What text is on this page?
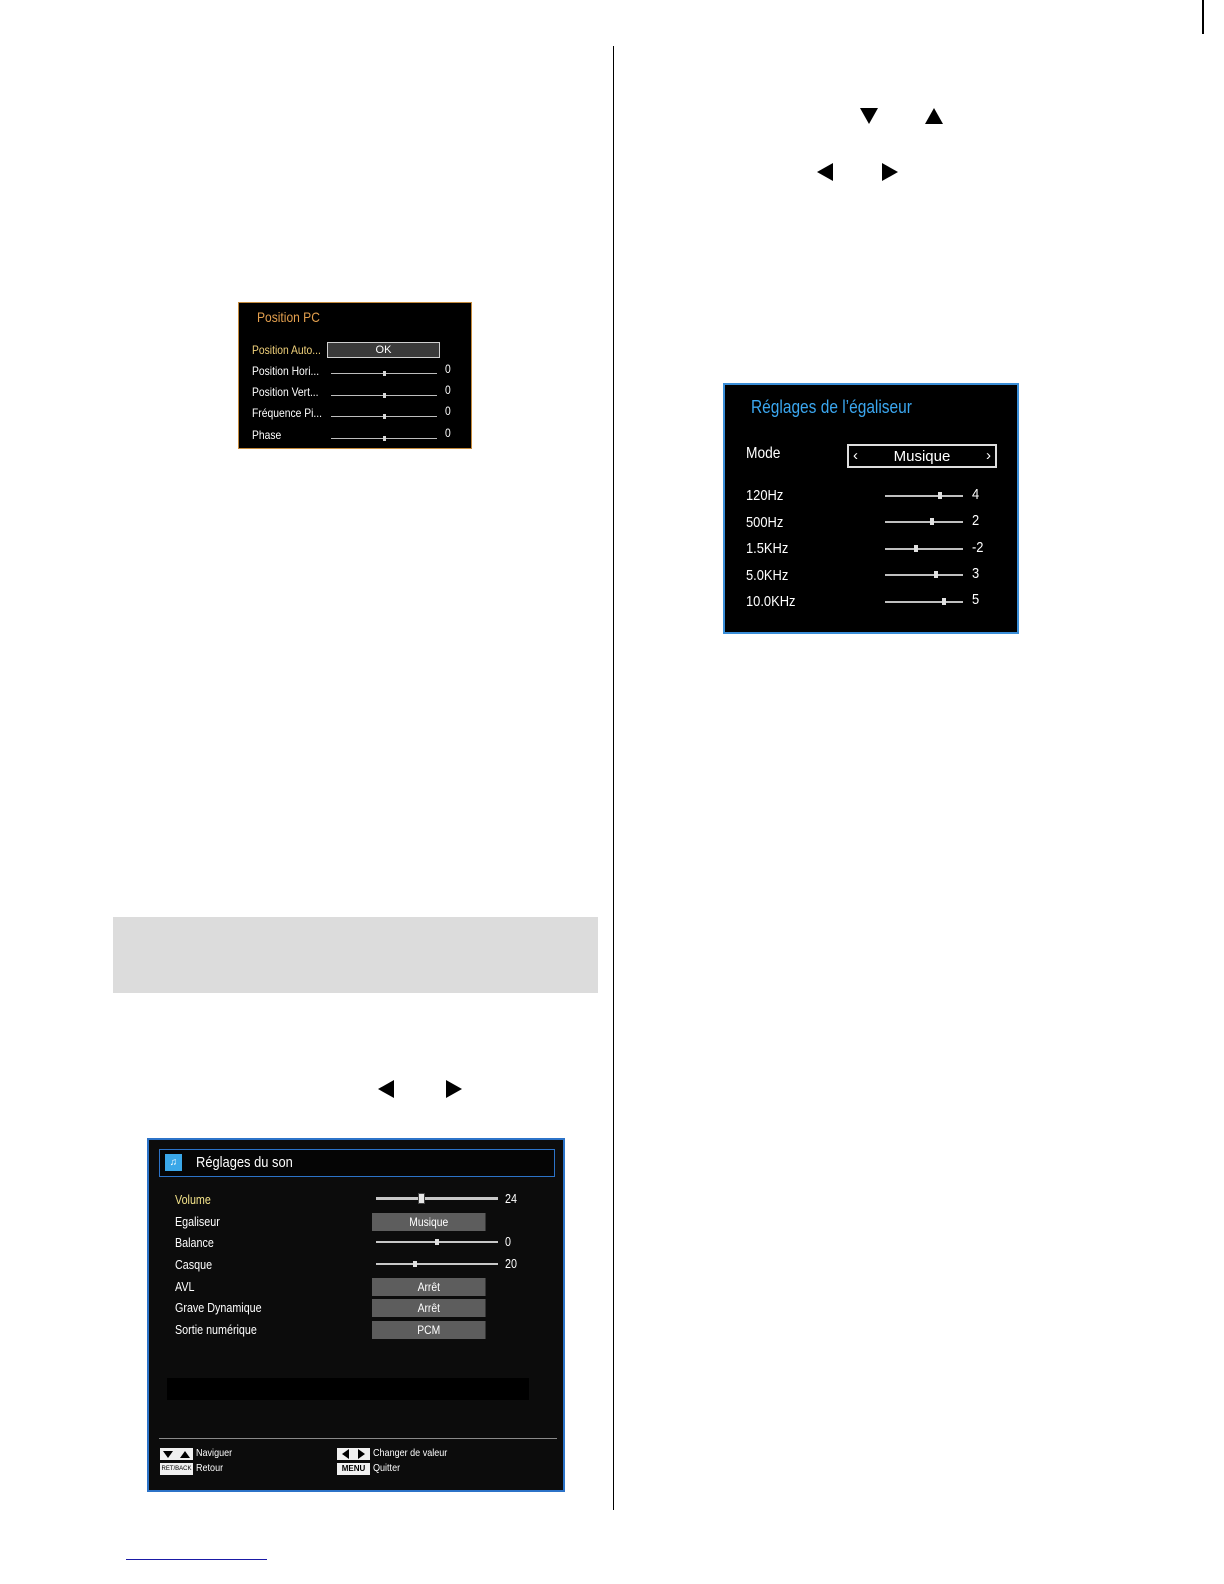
Position PC
Position Auto...	OK
Position Hori...	0
Position Vert...	0
Fréquence Pi...	0
Phase	0
Réglages de l’égaliseur
Mode	‹	Musique	›
120Hz	4
500Hz	2
1.5KHz	-2
5.0KHz	3
10.0KHz	5
♫	Réglages du son
Volume	24
Egaliseur	Musique
Balance	0
Casque	20
AVL	Arrêt
Grave Dynamique	Arrêt
Sortie numérique	PCM
Naviguer
RET/BACK Retour
Changer de valeur
MENU Quitter
